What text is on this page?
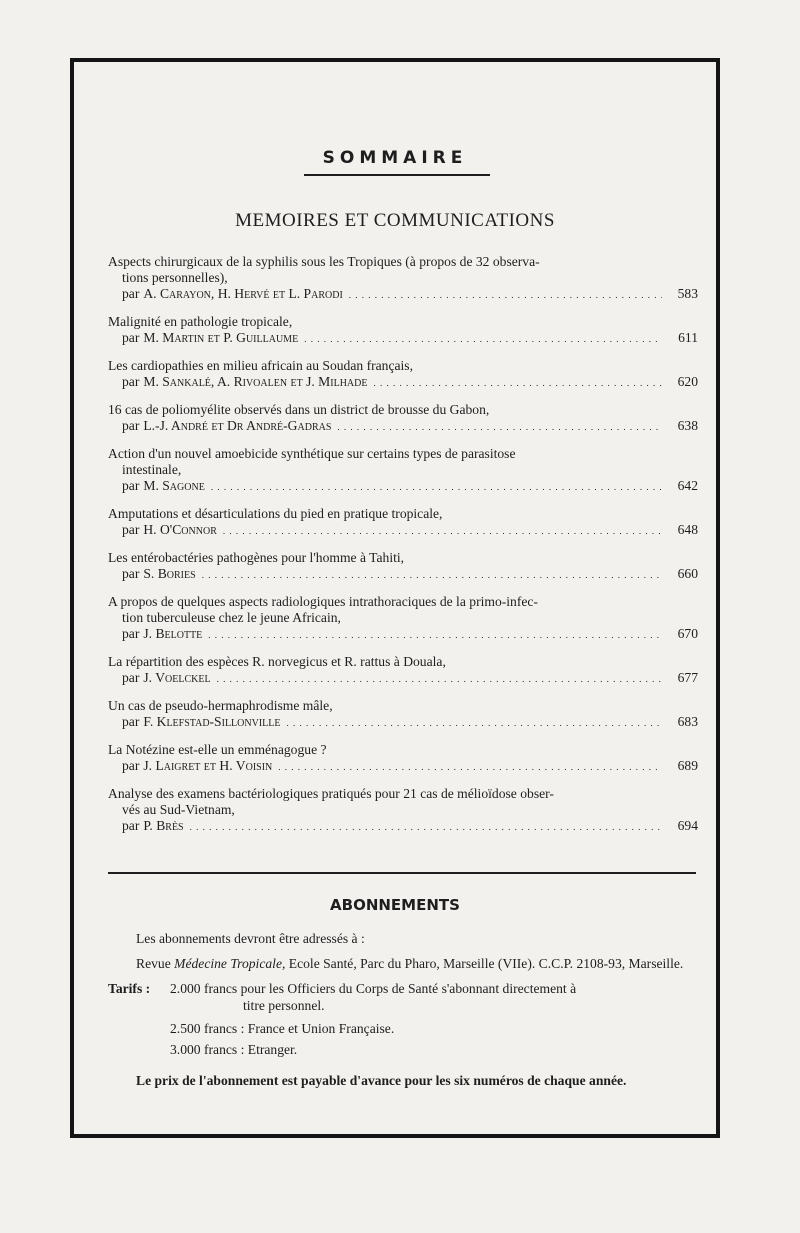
SOMMAIRE
MEMOIRES ET COMMUNICATIONS
Aspects chirurgicaux de la syphilis sous les Tropiques (à propos de 32 observa-
tions personnelles),
par A. Carayon, H. Hervé et L. Parodi . . .	583
Malignité en pathologie tropicale,
par M. Martin et P. Guillaume . . .	611
Les cardiopathies en milieu africain au Soudan français,
par M. Sankalé, A. Rivoalen et J. Milhade . . .	620
16 cas de poliomyélite observés dans un district de brousse du Gabon,
par L.-J. André et Dr André-Gadras . . .	638
Action d'un nouvel amoebicide synthétique sur certains types de parasitose
intestinale,
par M. Sagone . . .	642
Amputations et désarticulations du pied en pratique tropicale,
par H. O'Connor . . .	648
Les entérobactéries pathogènes pour l'homme à Tahiti,
par S. Bories . . .	660
A propos de quelques aspects radiologiques intrathoraciques de la primo-infec-
tion tuberculeuse chez le jeune Africain,
par J. Belotte . . .	670
La répartition des espèces R. norvegicus et R. rattus à Douala,
par J. Voelckel . . .	677
Un cas de pseudo-hermaphrodisme mâle,
par F. Klefstad-Sillonville . . .	683
La Notézine est-elle un emménagogue ?
par J. Laigret et H. Voisin . . .	689
Analyse des examens bactériologiques pratiqués pour 21 cas de mélioïdose obser-
vés au Sud-Vietnam,
par P. Brès . . .	694
ABONNEMENTS

Les abonnements devront être adressés à :

Revue Médecine Tropicale, Ecole Santé, Parc du Pharo, Marseille (VIIe). C.C.P. 2108-93, Marseille.

Tarifs :	2.000 francs pour les Officiers du Corps de Santé s'abonnant directement à
titre personnel.
2.500 francs : France et Union Française.
3.000 francs : Etranger.

Le prix de l'abonnement est payable d'avance pour les six numéros de chaque année.
